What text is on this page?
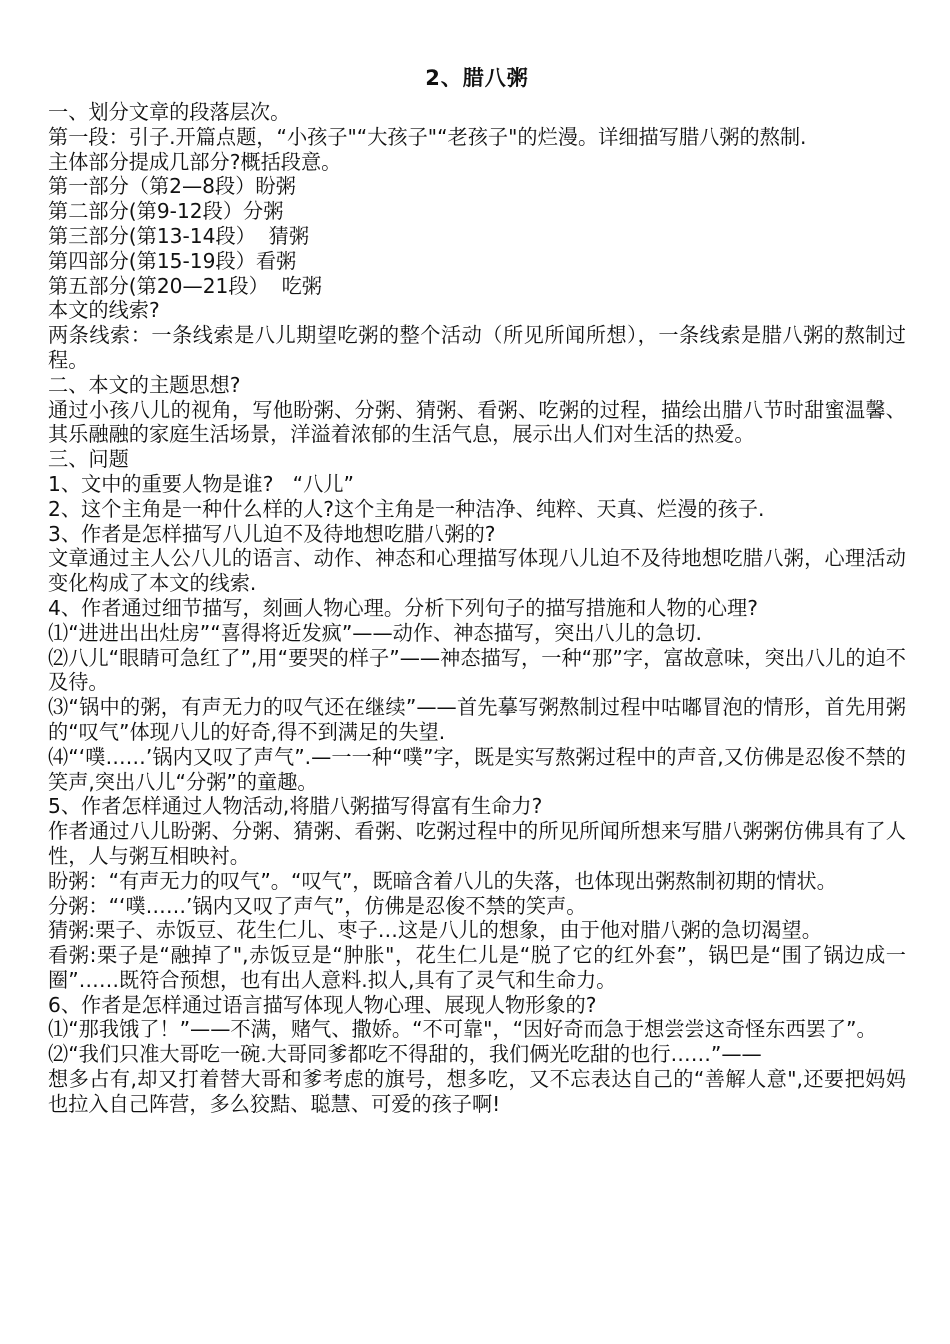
2、腊八粥

一、划分文章的段落层次。

第一段：引子.开篇点题，“小孩子"“大孩子"“老孩子"的烂漫。详细描写腊八粥的熬制.

主体部分提成几部分?概括段意。

第一部分（第2—8段）盼粥

第二部分(第9-12段）分粥

第三部分(第13-14段）  猜粥

第四部分(第15-19段）看粥

第五部分(第20—21段）  吃粥

本文的线索?

两条线索：一条线索是八儿期望吃粥的整个活动（所见所闻所想），一条线索是腊八粥的熬制过程。

二、本文的主题思想?

通过小孩八儿的视角，写他盼粥、分粥、猜粥、看粥、吃粥的过程，描绘出腊八节时甜蜜温馨、其乐融融的家庭生活场景，洋溢着浓郁的生活气息，展示出人们对生活的热爱。

三、问题

1、文中的重要人物是谁?   “八儿”

2、这个主角是一种什么样的人?这个主角是一种洁净、纯粹、天真、烂漫的孩子.

3、作者是怎样描写八儿迫不及待地想吃腊八粥的?

文章通过主人公八儿的语言、动作、神态和心理描写体现八儿迫不及待地想吃腊八粥，心理活动变化构成了本文的线索.

4、作者通过细节描写，刻画人物心理。分析下列句子的描写措施和人物的心理?

⑴“进进出出灶房”“喜得将近发疯”——动作、神态描写，突出八儿的急切.

⑵八儿“眼睛可急红了”,用“要哭的样子”——神态描写，一种“那”字，富故意味，突出八儿的迫不及待。

⑶“锅中的粥，有声无力的叹气还在继续”——首先摹写粥熬制过程中咕嘟冒泡的情形，首先用粥的“叹气”体现八儿的好奇,得不到满足的失望.

⑷“‘噗……’锅内又叹了声气”.—一一种“噗”字，既是实写熬粥过程中的声音,又仿佛是忍俊不禁的笑声,突出八儿“分粥”的童趣。

5、作者怎样通过人物活动,将腊八粥描写得富有生命力?

作者通过八儿盼粥、分粥、猜粥、看粥、吃粥过程中的所见所闻所想来写腊八粥粥仿佛具有了人性，人与粥互相映衬。

盼粥：“有声无力的叹气”。“叹气”，既暗含着八儿的失落，也体现出粥熬制初期的情状。

分粥：“‘噗……’锅内又叹了声气”，仿佛是忍俊不禁的笑声。

猜粥:栗子、赤饭豆、花生仁儿、枣子…这是八儿的想象，由于他对腊八粥的急切渴望。

看粥:栗子是“融掉了",赤饭豆是“肿胀"，花生仁儿是“脱了它的红外套”，锅巴是“围了锅边成一圈”……既符合预想，也有出人意料.拟人,具有了灵气和生命力。

6、作者是怎样通过语言描写体现人物心理、展现人物形象的?

⑴“那我饿了！”——不满，赌气、撒娇。“不可靠"，“因好奇而急于想尝尝这奇怪东西罢了”。

⑵“我们只准大哥吃一碗.大哥同爹都吃不得甜的，我们俩光吃甜的也行……”——

想多占有,却又打着替大哥和爹考虑的旗号，想多吃，又不忘表达自己的“善解人意",还要把妈妈也拉入自己阵营，多么狡黠、聪慧、可爱的孩子啊!
